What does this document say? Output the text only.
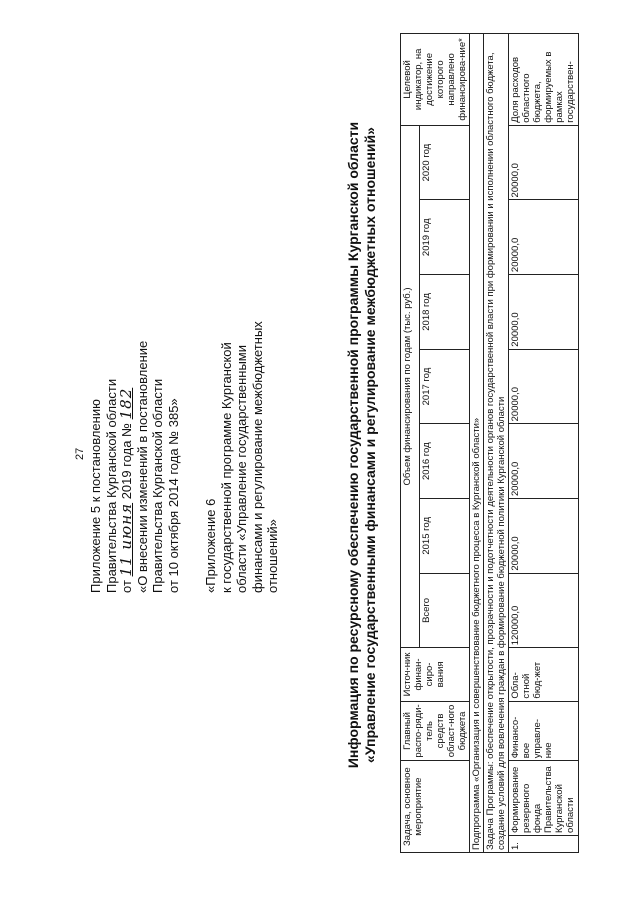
27 Приложение 5 к постановлению Правительства Курганской области от 11 июня 2019 года № 182 «О внесении изменений в постановление Правительства Курганской области от 10 октября 2014 года № 385» «Приложение 6 к государственной программе Курганской области «Управление государственными финансами и регулирование межбюджетных отношений»	Информация по ресурсному обеспечению государственной программы Курганской области «Управление государственными финансами и регулирование межбюджетных отношений»
Задача, основное мероприятие		Главный распо-ряди-тель средств област-ного бюджета	Источ-ник финан-сиро-вания	Объем финансирования по годам (тыс. руб.)							Целевой индикатор, на достижение которого направлено финансирова-ние*
				Всего	2015 год	2016 год	2017 год	2018 год	2019 год	2020 год	
Подпрограмма «Организация и совершенствование бюджетного процесса в Курганской области»											
Задача Программы: обеспечение открытости, прозрачности и подотчетности деятельности органов государственной власти при формировании и исполнении областного бюджета, создание условий для вовлечения граждан в формирование бюджетной политики Курганской области											
1.	Формирование резервного фонда Правительства Курганской области	Финансо-вое управле-ние	Обла-стной бюд-жет	120000,0	20000,0	20000,0	20000,0	20000,0	20000,0	20000,0	Доля расходов областного бюджета, формируемых в рамках государствен-
